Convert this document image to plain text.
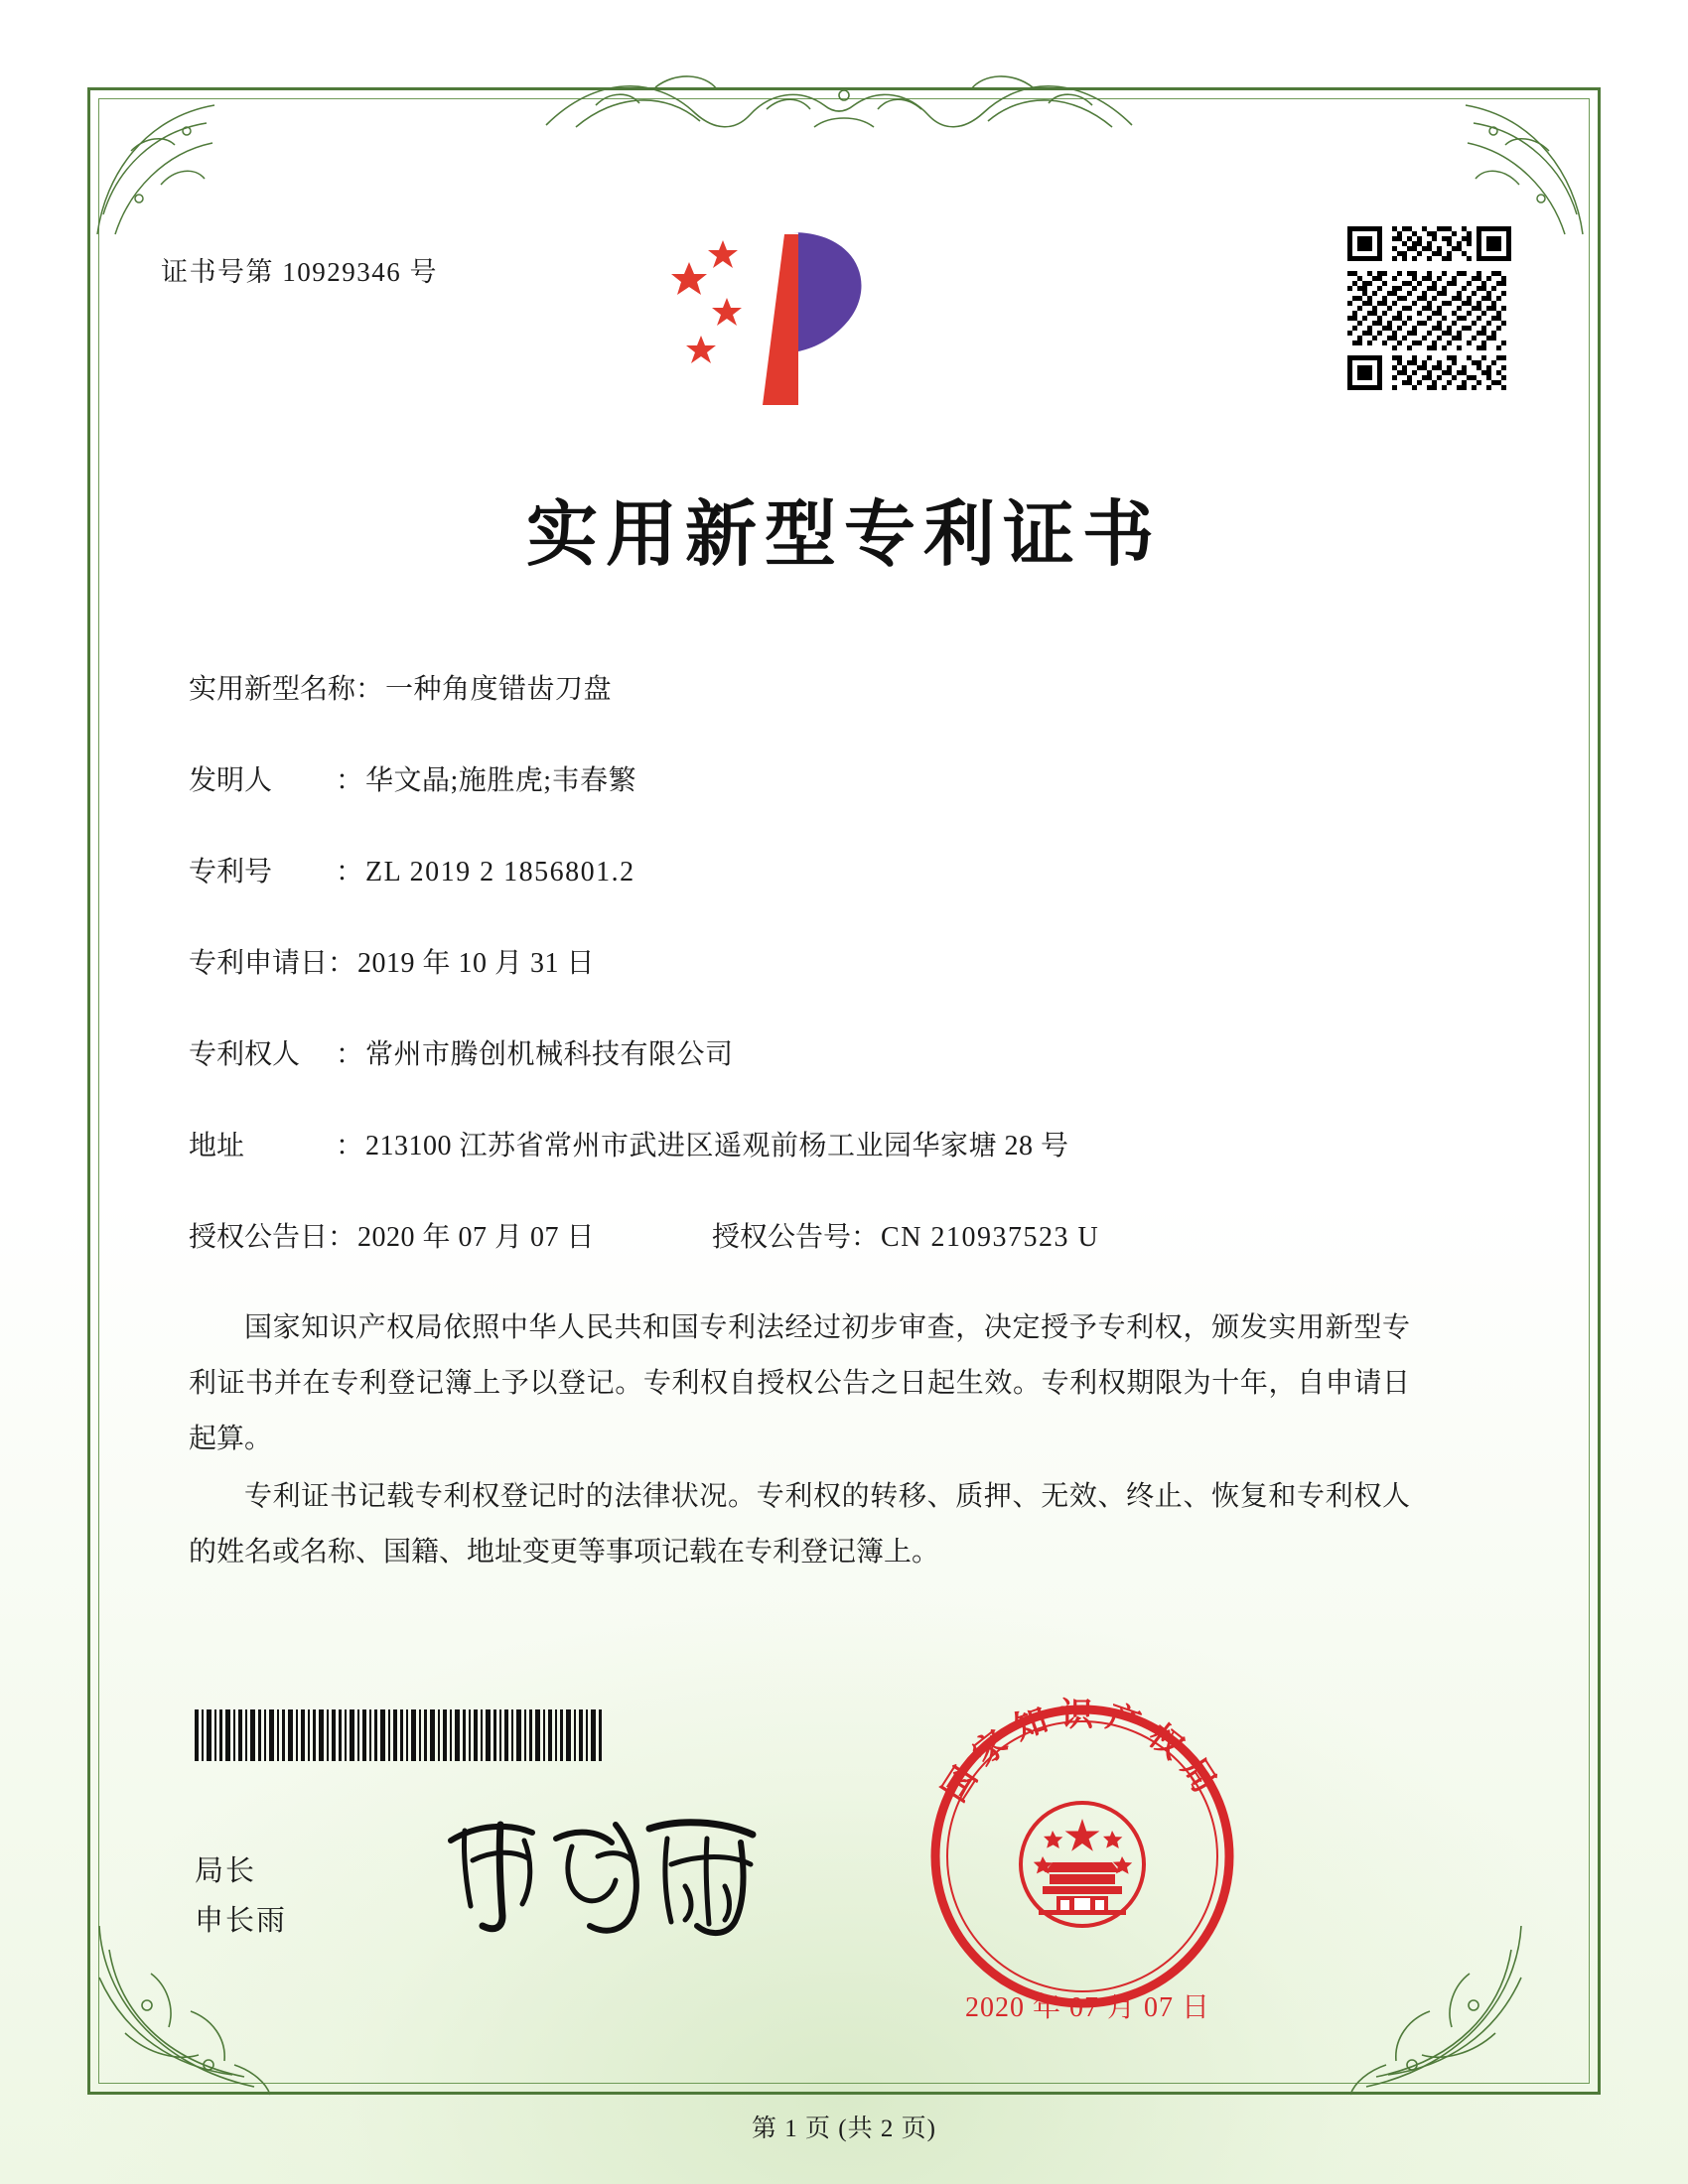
证书号第 10929346 号
实用新型专利证书
实用新型名称： 一种角度错齿刀盘
发明人	： 华文晶;施胜虎;韦春繁
专利号	： ZL 2019 2 1856801.2
专利申请日： 2019 年 10 月 31 日
专利权人	： 常州市腾创机械科技有限公司
地址	： 213100 江苏省常州市武进区遥观前杨工业园华家塘 28 号
授权公告日： 2020 年 07 月 07 日	授权公告号： CN 210937523 U

国家知识产权局依照中华人民共和国专利法经过初步审查，决定授予专利权，颁发实用新型专利证书并在专利登记簿上予以登记。专利权自授权公告之日起生效。专利权期限为十年，自申请日起算。

专利证书记载专利权登记时的法律状况。专利权的转移、质押、无效、终止、恢复和专利权人的姓名或名称、国籍、地址变更等事项记载在专利登记簿上。

局长
申长雨
国家知识产权局
2020 年 07 月 07 日
第 1 页 (共 2 页)
